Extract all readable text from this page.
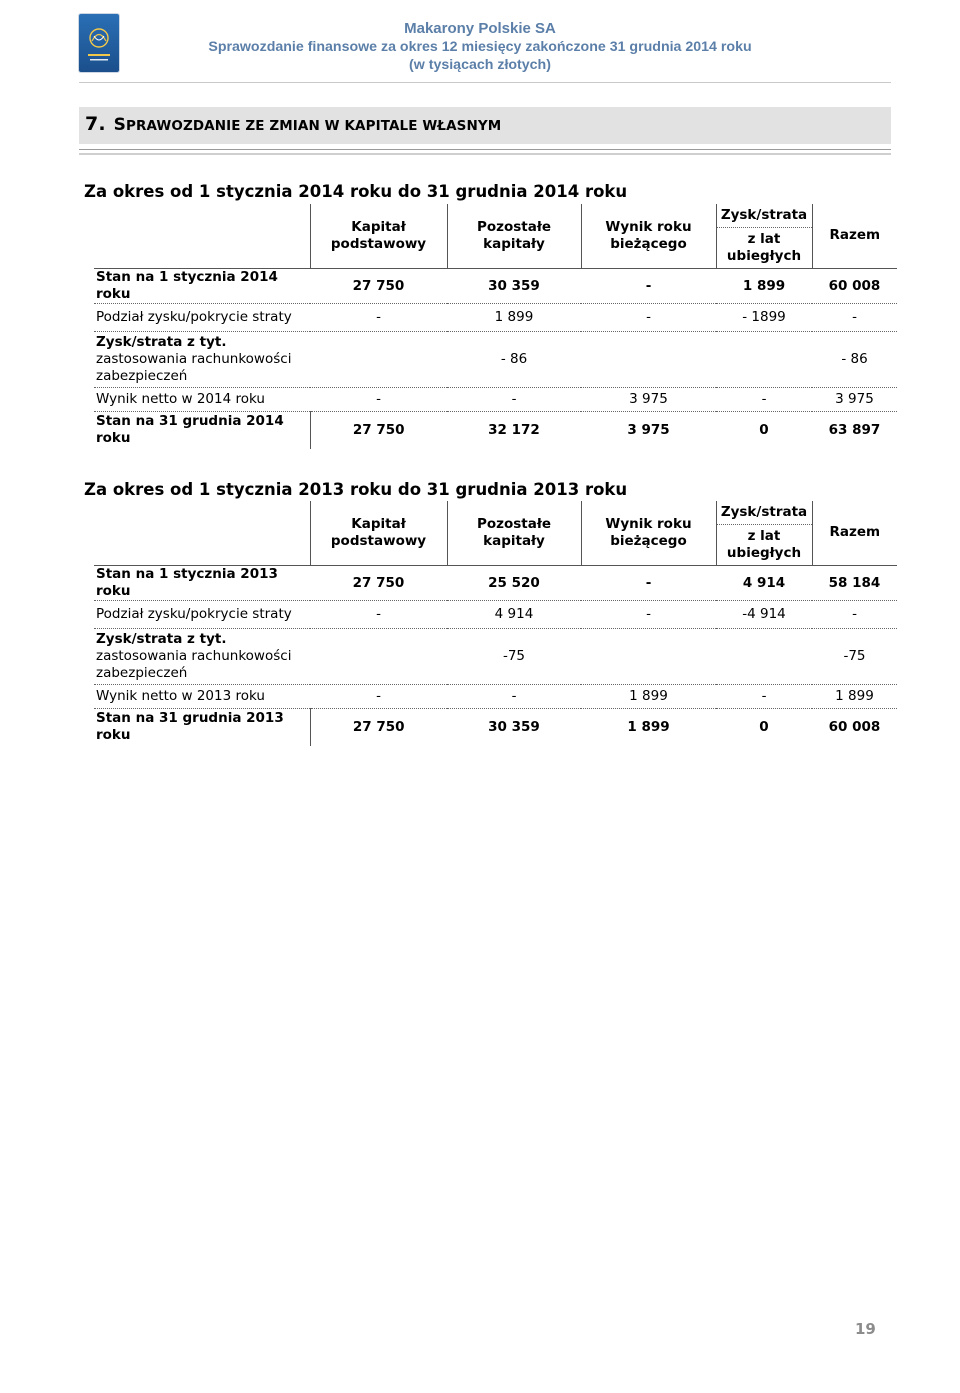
Makarony Polskie SA
Sprawozdanie finansowe za okres 12 miesięcy zakończone 31 grudnia 2014 roku
(w tysiącach złotych)
7. SPRAWOZDANIE ZE ZMIAN W KAPITALE WŁASNYM
Za okres od 1 stycznia 2014 roku do 31 grudnia 2014 roku
	Kapitał
podstawowy	Pozostałe
kapitały	Wynik roku
bieżącego	Zysk/strata
z lat
ubiegłych	Razem
Stan na 1 stycznia 2014 roku	27 750	30 359	-	1 899	60 008
Podział zysku/pokrycie straty	-	1 899	-	- 1899	-
Zysk/strata z tyt.
zastosowania rachunkowości
zabezpieczeń		- 86			- 86
Wynik netto w 2014 roku	-	-	3 975	-	3 975
Stan na 31 grudnia 2014
roku	27 750	32 172	3 975	0	63 897
Za okres od 1 stycznia 2013 roku do 31 grudnia 2013 roku
	Kapitał
podstawowy	Pozostałe
kapitały	Wynik roku
bieżącego	Zysk/strata
z lat
ubiegłych	Razem
Stan na 1 stycznia 2013 roku	27 750	25 520	-	4 914	58 184
Podział zysku/pokrycie straty	-	4 914	-	-4 914	-
Zysk/strata z tyt.
zastosowania rachunkowości
zabezpieczeń		-75			-75
Wynik netto w 2013 roku	-	-	1 899	-	1 899
Stan na 31 grudnia 2013
roku	27 750	30 359	1 899	0	60 008
19
